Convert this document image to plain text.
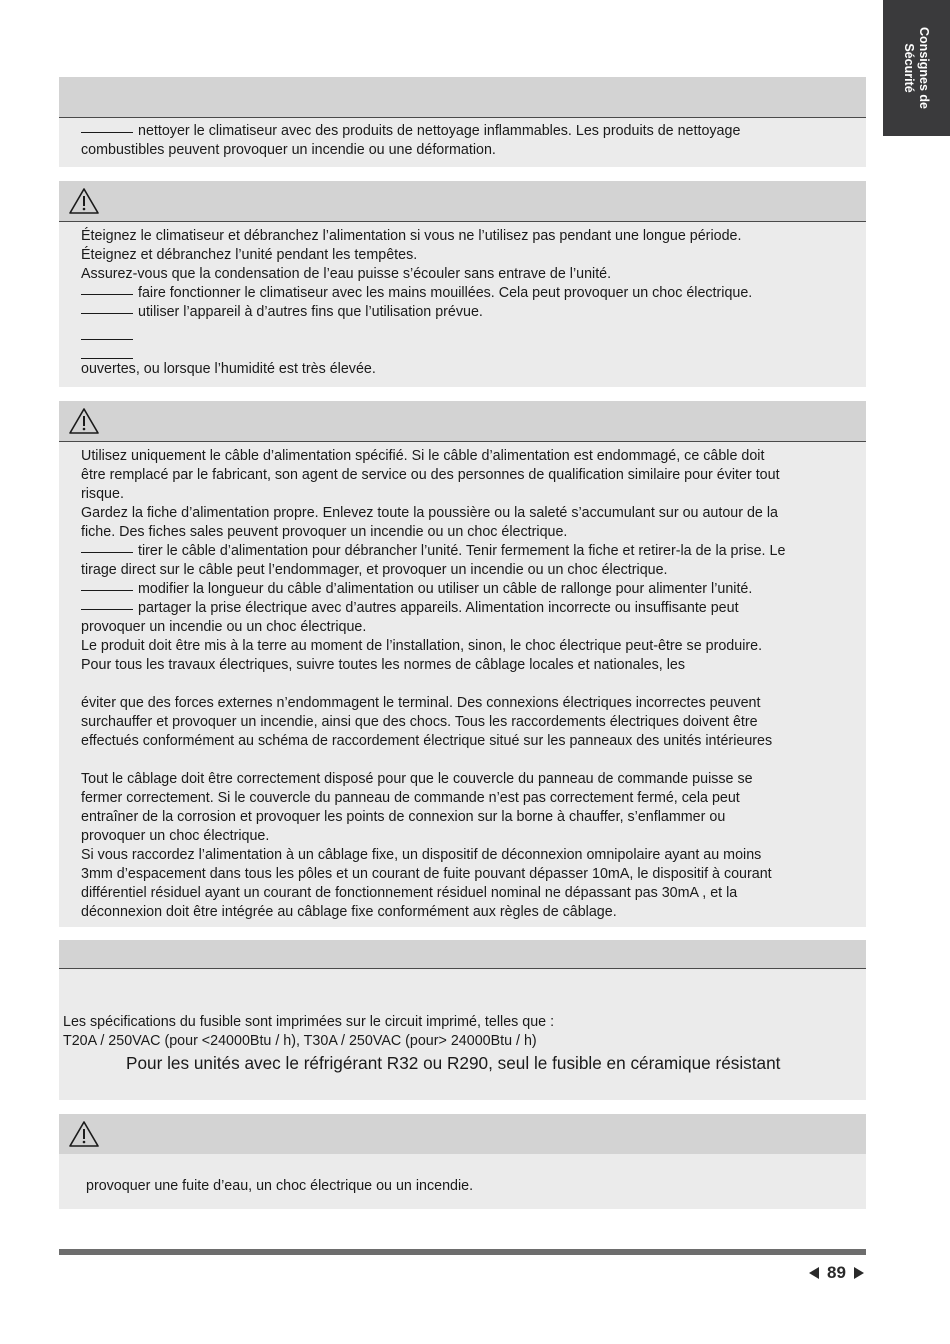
Consignes de
Sécurité
nettoyer le climatiseur avec des produits de nettoyage inflammables. Les produits de nettoyage
combustibles peuvent provoquer un incendie ou une déformation.
Éteignez le climatiseur et débranchez l’alimentation si vous ne l’utilisez pas pendant une longue période.
Éteignez et débranchez l’unité pendant les tempêtes.
Assurez-vous que la condensation de l’eau puisse s’écouler sans entrave de l’unité.
faire fonctionner le climatiseur avec les mains mouillées. Cela peut provoquer un choc électrique.
utiliser l’appareil à d’autres fins que l’utilisation prévue.
ouvertes, ou lorsque l’humidité est très élevée.
Utilisez uniquement le câble d’alimentation spécifié. Si le câble d’alimentation est endommagé, ce câble doit
être remplacé par le fabricant, son agent de service ou des personnes de qualification similaire pour éviter tout
risque.
Gardez la fiche d’alimentation propre. Enlevez toute la poussière ou la saleté s’accumulant sur ou autour de la
fiche. Des fiches sales peuvent provoquer un incendie ou un choc électrique.
tirer le câble d’alimentation pour débrancher l’unité. Tenir fermement la fiche et retirer-la de la prise. Le
tirage direct sur le câble peut l’endommager, et provoquer un incendie ou un choc électrique.
modifier la longueur du câble d’alimentation ou utiliser un câble de rallonge pour alimenter l’unité.
partager la prise électrique avec d’autres appareils. Alimentation incorrecte ou insuffisante peut
provoquer un incendie ou un choc électrique.
Le produit doit être mis à la terre au moment de l’installation, sinon, le choc électrique peut-être se produire.
Pour tous les travaux électriques, suivre toutes les normes de câblage locales et nationales, les
éviter que des forces externes n’endommagent le terminal. Des connexions électriques incorrectes peuvent
surchauffer et provoquer un incendie, ainsi que des chocs. Tous les raccordements électriques doivent être
effectués conformément au schéma de raccordement électrique situé sur les panneaux des unités intérieures
Tout le câblage doit être correctement disposé pour que le couvercle du panneau de commande puisse se
fermer correctement. Si le couvercle du panneau de commande n’est pas correctement fermé, cela peut
entraîner de la corrosion et provoquer les points de connexion sur la borne à chauffer, s’enflammer ou
provoquer un choc électrique.
Si vous raccordez l’alimentation à un câblage fixe, un dispositif de déconnexion omnipolaire ayant au moins
3mm d’espacement dans tous les pôles et un courant de fuite pouvant dépasser 10mA, le dispositif à courant
différentiel résiduel ayant un courant de fonctionnement résiduel nominal ne dépassant pas 30mA , et la
déconnexion doit être intégrée au câblage fixe conformément aux règles de câblage.
Les spécifications du fusible sont imprimées sur le circuit imprimé, telles que :
T20A / 250VAC (pour <24000Btu / h), T30A / 250VAC (pour> 24000Btu / h)
Pour les unités avec le réfrigérant R32 ou R290, seul le fusible en céramique résistant
provoquer une fuite d’eau, un choc électrique ou un incendie.
89
